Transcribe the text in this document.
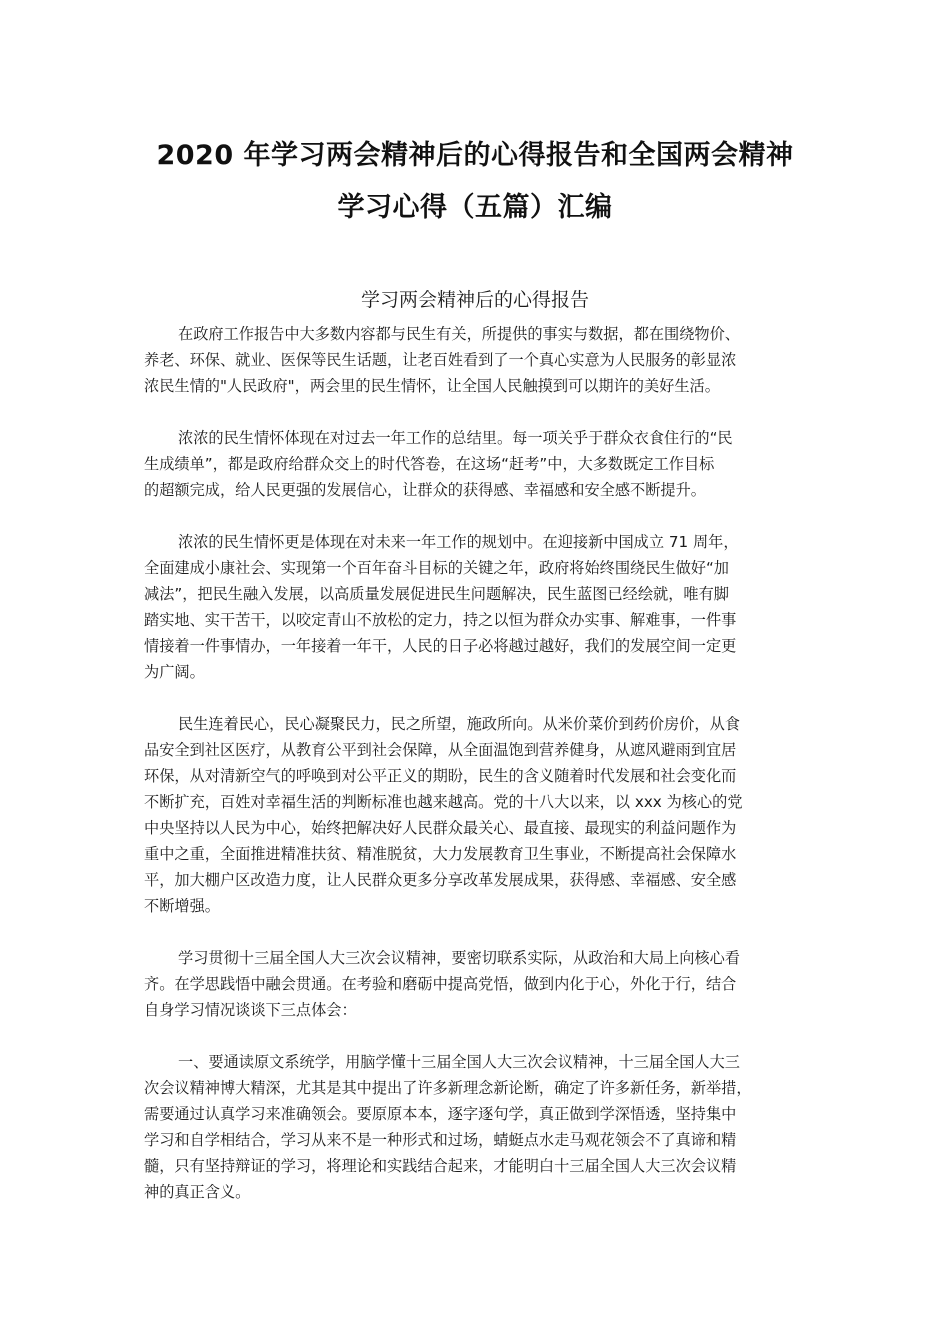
2020 年学习两会精神后的心得报告和全国两会精神
学习心得（五篇）汇编
学习两会精神后的心得报告
在政府工作报告中大多数内容都与民生有关，所提供的事实与数据，都在围绕物价、
养老、环保、就业、医保等民生话题，让老百姓看到了一个真心实意为人民服务的彰显浓
浓民生情的"人民政府"，两会里的民生情怀，让全国人民触摸到可以期许的美好生活。
浓浓的民生情怀体现在对过去一年工作的总结里。每一项关乎于群众衣食住行的“民
生成绩单”，都是政府给群众交上的时代答卷，在这场“赶考”中，大多数既定工作目标
的超额完成，给人民更强的发展信心，让群众的获得感、幸福感和安全感不断提升。
浓浓的民生情怀更是体现在对未来一年工作的规划中。在迎接新中国成立 71 周年，
全面建成小康社会、实现第一个百年奋斗目标的关键之年，政府将始终围绕民生做好“加
减法”，把民生融入发展，以高质量发展促进民生问题解决，民生蓝图已经绘就，唯有脚
踏实地、实干苦干，以咬定青山不放松的定力，持之以恒为群众办实事、解难事，一件事
情接着一件事情办，一年接着一年干，人民的日子必将越过越好，我们的发展空间一定更
为广阔。
民生连着民心，民心凝聚民力，民之所望，施政所向。从米价菜价到药价房价，从食
品安全到社区医疗，从教育公平到社会保障，从全面温饱到营养健身，从遮风避雨到宜居
环保，从对清新空气的呼唤到对公平正义的期盼，民生的含义随着时代发展和社会变化而
不断扩充，百姓对幸福生活的判断标准也越来越高。党的十八大以来，以 xxx 为核心的党
中央坚持以人民为中心，始终把解决好人民群众最关心、最直接、最现实的利益问题作为
重中之重，全面推进精准扶贫、精准脱贫，大力发展教育卫生事业，不断提高社会保障水
平，加大棚户区改造力度，让人民群众更多分享改革发展成果，获得感、幸福感、安全感
不断增强。
学习贯彻十三届全国人大三次会议精神，要密切联系实际，从政治和大局上向核心看
齐。在学思践悟中融会贯通。在考验和磨砺中提高党悟，做到内化于心，外化于行，结合
自身学习情况谈谈下三点体会：
一、要通读原文系统学，用脑学懂十三届全国人大三次会议精神，十三届全国人大三
次会议精神博大精深，尤其是其中提出了许多新理念新论断，确定了许多新任务，新举措，
需要通过认真学习来准确领会。要原原本本，逐字逐句学，真正做到学深悟透，坚持集中
学习和自学相结合，学习从来不是一种形式和过场，蜻蜓点水走马观花领会不了真谛和精
髓，只有坚持辩证的学习，将理论和实践结合起来，才能明白十三届全国人大三次会议精
神的真正含义。
